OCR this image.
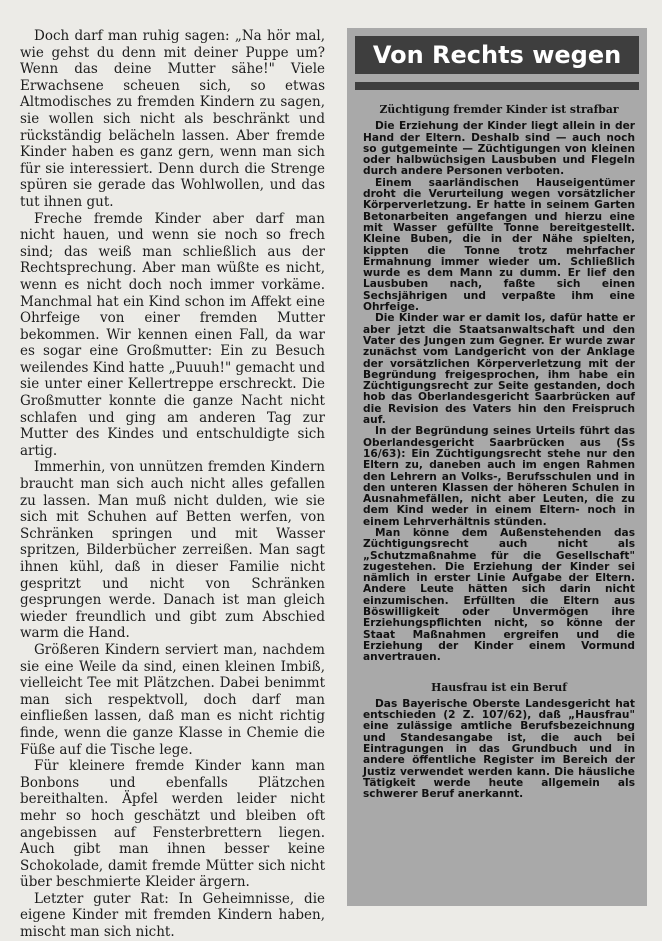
Doch darf man ruhig sagen: „Na hör mal, wie gehst du denn mit deiner Puppe um? Wenn das deine Mutter sähe!" Viele Erwachsene scheuen sich, so etwas Altmodisches zu fremden Kindern zu sagen, sie wollen sich nicht als beschränkt und rückständig belächeln lassen. Aber fremde Kinder haben es ganz gern, wenn man sich für sie interessiert. Denn durch die Strenge spüren sie gerade das Wohlwollen, und das tut ihnen gut.

Freche fremde Kinder aber darf man nicht hauen, und wenn sie noch so frech sind; das weiß man schließlich aus der Rechtsprechung. Aber man wüßte es nicht, wenn es nicht doch noch immer vorkäme. Manchmal hat ein Kind schon im Affekt eine Ohrfeige von einer fremden Mutter bekommen. Wir kennen einen Fall, da war es sogar eine Großmutter: Ein zu Besuch weilendes Kind hatte „Puuuh!" gemacht und sie unter einer Kellertreppe erschreckt. Die Großmutter konnte die ganze Nacht nicht schlafen und ging am anderen Tag zur Mutter des Kindes und entschuldigte sich artig.

Immerhin, von unnützen fremden Kindern braucht man sich auch nicht alles gefallen zu lassen. Man muß nicht dulden, wie sie sich mit Schuhen auf Betten werfen, von Schränken springen und mit Wasser spritzen, Bilderbücher zerreißen. Man sagt ihnen kühl, daß in dieser Familie nicht gespritzt und nicht von Schränken gesprungen werde. Danach ist man gleich wieder freundlich und gibt zum Abschied warm die Hand.

Größeren Kindern serviert man, nachdem sie eine Weile da sind, einen kleinen Imbiß, vielleicht Tee mit Plätzchen. Dabei benimmt man sich respektvoll, doch darf man einfließen lassen, daß man es nicht richtig finde, wenn die ganze Klasse in Chemie die Füße auf die Tische lege.

Für kleinere fremde Kinder kann man Bonbons und ebenfalls Plätzchen bereithalten. Äpfel werden leider nicht mehr so hoch geschätzt und bleiben oft angebissen auf Fensterbrettern liegen. Auch gibt man ihnen besser keine Schokolade, damit fremde Mütter sich nicht über beschmierte Kleider ärgern.

Letzter guter Rat: In Geheimnisse, die eigene Kinder mit fremden Kindern haben, mischt man sich nicht.

Von Rechts wegen
Züchtigung fremder Kinder ist strafbar

Die Erziehung der Kinder liegt allein in der Hand der Eltern. Deshalb sind — auch noch so gutgemeinte — Züchtigungen von kleinen oder halbwüchsigen Lausbuben und Flegeln durch andere Personen verboten.

Einem saarländischen Hauseigentümer droht die Verurteilung wegen vorsätzlicher Körperverletzung. Er hatte in seinem Garten Betonarbeiten angefangen und hierzu eine mit Wasser gefüllte Tonne bereitgestellt. Kleine Buben, die in der Nähe spielten, kippten die Tonne trotz mehrfacher Ermahnung immer wieder um. Schließlich wurde es dem Mann zu dumm. Er lief den Lausbuben nach, faßte sich einen Sechsjährigen und verpaßte ihm eine Ohrfeige.

Die Kinder war er damit los, dafür hatte er aber jetzt die Staatsanwaltschaft und den Vater des Jungen zum Gegner. Er wurde zwar zunächst vom Landgericht von der Anklage der vorsätzlichen Körperverletzung mit der Begründung freigesprochen, ihm habe ein Züchtigungsrecht zur Seite gestanden, doch hob das Oberlandesgericht Saarbrücken auf die Revision des Vaters hin den Freispruch auf.

In der Begründung seines Urteils führt das Oberlandesgericht Saarbrücken aus (Ss 16/63): Ein Züchtigungsrecht stehe nur den Eltern zu, daneben auch im engen Rahmen den Lehrern an Volks-, Berufsschulen und in den unteren Klassen der höheren Schulen in Ausnahmefällen, nicht aber Leuten, die zu dem Kind weder in einem Eltern- noch in einem Lehrverhältnis stünden.

Man könne dem Außenstehenden das Züchtigungsrecht auch nicht als „Schutzmaßnahme für die Gesellschaft" zugestehen. Die Erziehung der Kinder sei nämlich in erster Linie Aufgabe der Eltern. Andere Leute hätten sich darin nicht einzumischen. Erfüllten die Eltern aus Böswilligkeit oder Unvermögen ihre Erziehungspflichten nicht, so könne der Staat Maßnahmen ergreifen und die Erziehung der Kinder einem Vormund anvertrauen.

Hausfrau ist ein Beruf

Das Bayerische Oberste Landesgericht hat entschieden (2 Z. 107/62), daß „Hausfrau" eine zulässige amtliche Berufsbezeichnung und Standesangabe ist, die auch bei Eintragungen in das Grundbuch und in andere öffentliche Register im Bereich der Justiz verwendet werden kann. Die häusliche Tätigkeit werde heute allgemein als schwerer Beruf anerkannt.
